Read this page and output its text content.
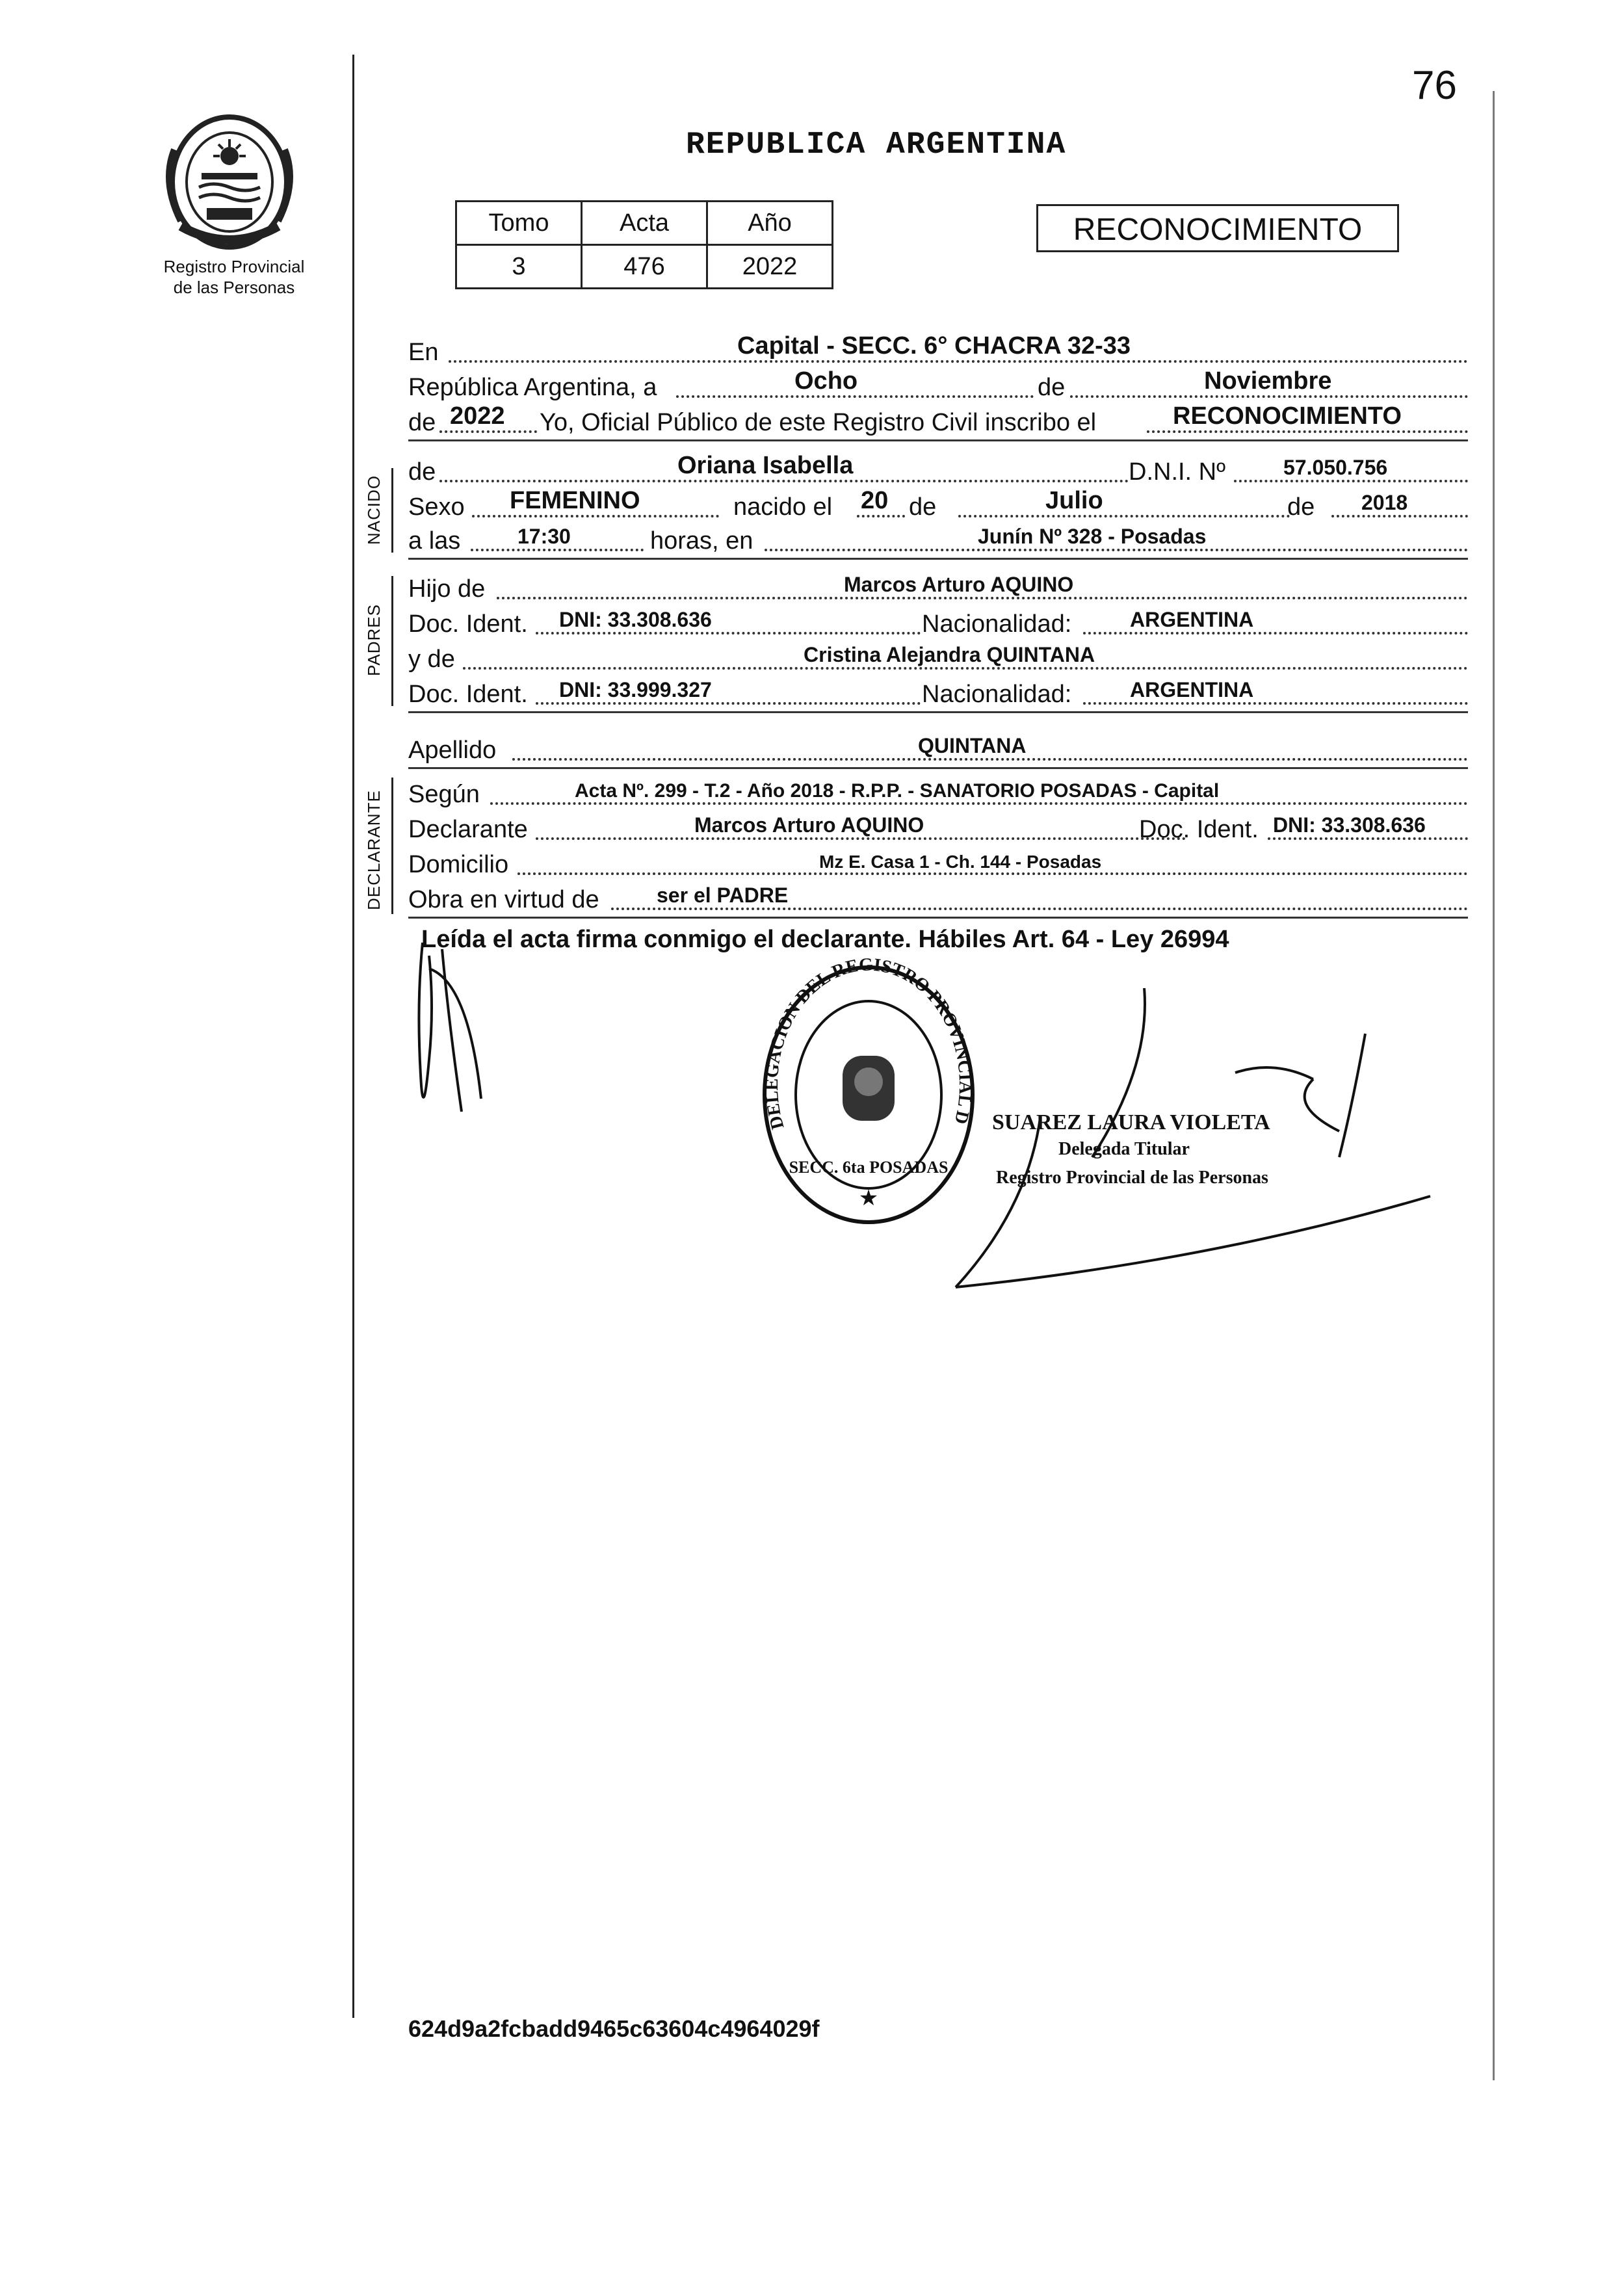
76
Registro Provincial
de las Personas
REPUBLICA ARGENTINA
Tomo	Acta	Año
3	476	2022
RECONOCIMIENTO
En	Capital - SECC. 6° CHACRA 32-33
República Argentina, a	Ocho	de	Noviembre
de 2022 Yo, Oficial Público de este Registro Civil inscribo el	RECONOCIMIENTO
NACIDO
de	Oriana Isabella	D.N.I. Nº	57.050.756
Sexo FEMENINO	nacido el 20 de	Julio	de 2018
a las	17:30	horas, en	Junín Nº 328 - Posadas
PADRES
Hijo de	Marcos Arturo AQUINO
Doc. Ident. DNI: 33.308.636	Nacionalidad:	ARGENTINA
y de	Cristina Alejandra QUINTANA
Doc. Ident. DNI: 33.999.327	Nacionalidad:	ARGENTINA
Apellido	QUINTANA
DECLARANTE Según	Acta Nº. 299 - T.2 - Año 2018 - R.P.P. - SANATORIO POSADAS - Capital
Declarante	Marcos Arturo AQUINO	Doc. Ident. DNI: 33.308.636
Domicilio	Mz E. Casa 1 - Ch. 144 - Posadas
Obra en virtud de	ser el PADRE
Leída el acta firma conmigo el declarante. Hábiles Art. 64 - Ley 26994
DELEGACION DEL REGISTRO PROVINCIAL D
SECC. 6ta POSADAS
★
SUAREZ LAURA VIOLETA
Delegada Titular
Registro Provincial de las Personas
624d9a2fcbadd9465c63604c4964029f
